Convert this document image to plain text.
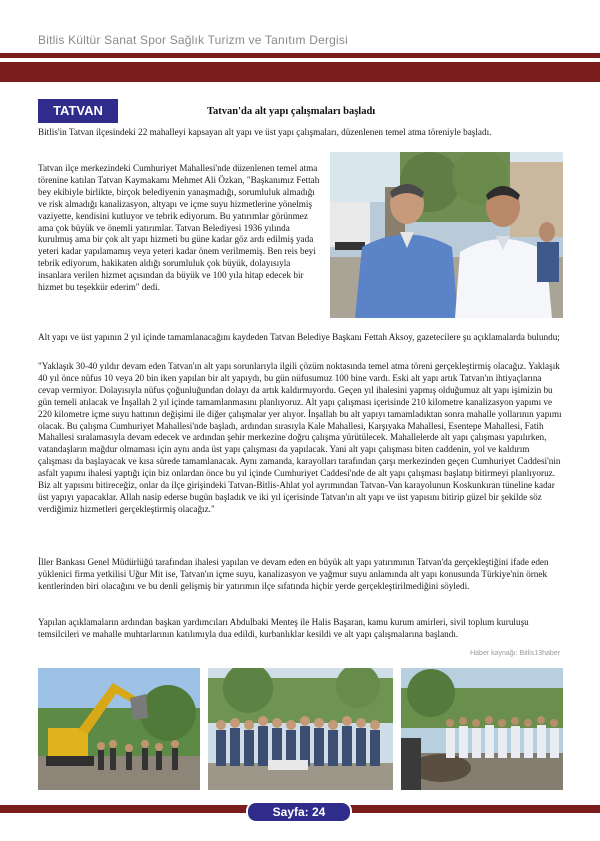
Bitlis Kültür Sanat Spor Sağlık Turizm ve Tanıtım Dergisi
TATVAN	Tatvan'da alt yapı çalışmaları başladı

Bitlis'in Tatvan ilçesindeki 22 mahalleyi kapsayan alt yapı ve üst yapı çalışmaları, düzenlenen temel atma töreniyle başladı.

Tatvan ilçe merkezindeki Cumhuriyet Mahallesi'nde düzenlenen temel atma törenine katılan Tatvan Kaymakamı Mehmet Ali Özkan, "Başkanımız Fettah bey ekibiyle birlikte, birçok belediyenin yanaşmadığı, sorumluluk almadığı ve risk almadığı kanalizasyon, altyapı ve içme suyu hizmetlerine yönelmiş vaziyette, kendisini kutluyor ve tebrik ediyorum. Bu yatırımlar görünmez ama çok büyük ve önemli yatırımlar. Tatvan Belediyesi 1936 yılında kurulmuş ama bir çok alt yapı hizmeti bu güne kadar göz ardı edilmiş yada yeteri kadar yapılamamış veya yeteri kadar önem verilmemiş. Ben reis beyi tebrik ediyorum, hakikaten aldığı sorumluluk çok büyük, dolayısıyla insanlara verilen hizmet açısından da büyük ve 100 yıla hitap edecek bir hizmet bu teşekkür ederim" dedi.

Alt yapı ve üst yapının 2 yıl içinde tamamlanacağını kaydeden Tatvan Belediye Başkanı Fettah Aksoy, gazetecilere şu açıklamalarda bulundu;

"Yaklaşık 30-40 yıldır devam eden Tatvan'ın alt yapı sorunlarıyla ilgili çözüm noktasında temel atma töreni gerçekleştirmiş olacağız. Yaklaşık 40 yıl önce nüfus 10 veya 20 bin iken yapılan bir alt yapıydı, bu gün nüfusumuz 100 bine vardı. Eski alt yapı artık Tatvan'ın ihtiyaçlarına cevap vermiyor. Dolayısıyla nüfus çoğunluğundan dolayı da artık kaldırmıyordu. Geçen yıl ihalesini yapmış olduğumuz alt yapı işimizin bu gün temeli atılacak ve İnşallah 2 yıl içinde tamamlanmasını planlıyoruz. Alt yapı çalışması içerisinde 210 kilometre kanalizasyon yapımı ve 220 kilometre içme suyu hattının değişimi ile diğer çalışmalar yer alıyor. İnşallah bu alt yapıyı tamamladıktan sonra mahalle yollarının yapımı olacak. Bu çalışma Cumhuriyet Mahallesi'nde başladı, ardından sırasıyla Kale Mahallesi, Karşıyaka Mahallesi, Esentepe Mahallesi, Fatih Mahallesi sıralamasıyla devam edecek ve ardından şehir merkezine doğru çalışma yürütülecek. Mahallelerde alt yapı çalışması yapılırken, vatandaşların mağdur olmaması için aynı anda üst yapı çalışması da yapılacak. Yani alt yapı çalışması biten caddenin, yol ve kaldırım çalışması da başlayacak ve kısa sürede tamamlanacak. Aynı zamanda, karayolları tarafından çarşı merkezinden geçen Cumhuriyet Caddesi'nin asfalt yapımı ihalesi yaptığı için biz onlardan önce bu yıl içinde Cumhuriyet Caddesi'nde de alt yapı çalışması başlatıp bitirmeyi planlıyoruz. Biz alt yapısını bitireceğiz, onlar da ilçe girişindeki Tatvan-Bitlis-Ahlat yol ayrımından Tatvan-Van karayolunun Koskunkıran tüneline kadar üst yapıyı yapacaklar. Allah nasip ederse bugün başladık ve iki yıl içerisinde Tatvan'ın alt yapı ve üst yapısını bitirip güzel bir şekilde söz verdiğimiz hizmetleri gerçekleştirmiş olacağız."

İller Bankası Genel Müdürlüğü tarafından ihalesi yapılan ve devam eden en büyük alt yapı yatırımının Tatvan'da gerçekleştiğini ifade eden yüklenici firma yetkilisi Uğur Mit ise, Tatvan'ın içme suyu, kanalizasyon ve yağmur suyu anlamında alt yapı konusunda Türkiye'nin örnek kentlerinden biri olacağını ve bu denli gelişmiş bir yatırımın ilçe sıfatında hiçbir yerde gerçekleştirilmediğini söyledi.

Yapılan açıklamaların ardından başkan yardımcıları Abdulbaki Menteş ile Halis Başaran, kamu kurum amirleri, sivil toplum kuruluşu temsilcileri ve mahalle muhtarlarının katılımıyla dua edildi, kurbanlıklar kesildi ve alt yapı çalışmalarına başlandı.

Haber kaynağı: Bitlis13haber
Sayfa: 24
